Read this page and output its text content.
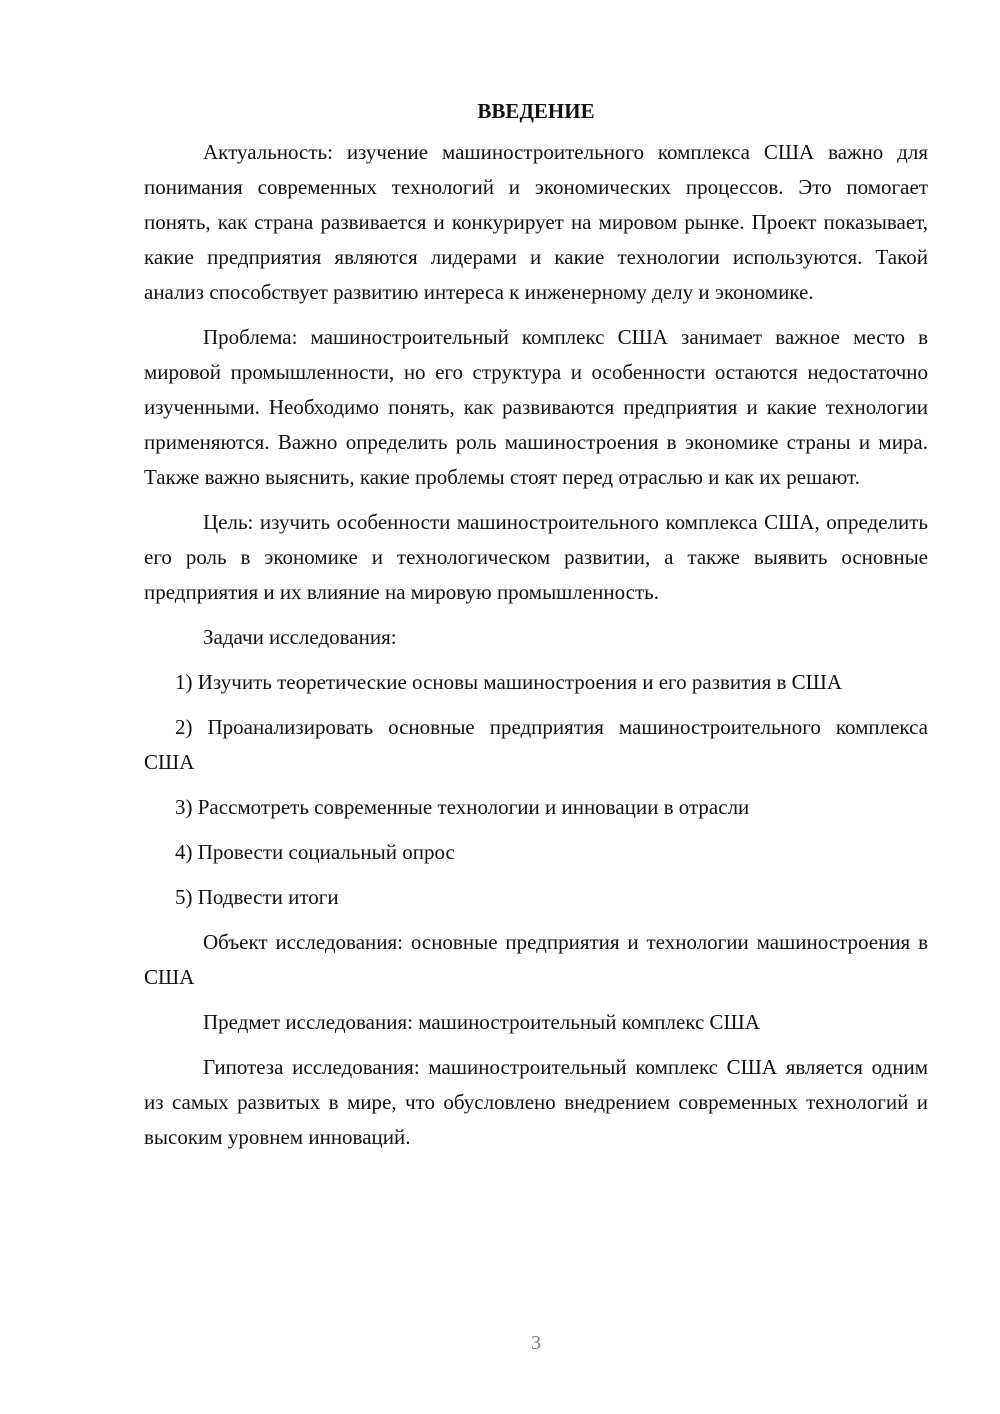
ВВЕДЕНИЕ

Актуальность: изучение машиностроительного комплекса США важно для понимания современных технологий и экономических процессов. Это помогает понять, как страна развивается и конкурирует на мировом рынке. Проект показывает, какие предприятия являются лидерами и какие технологии используются. Такой анализ способствует развитию интереса к инженерному делу и экономике.

Проблема: машиностроительный комплекс США занимает важное место в мировой промышленности, но его структура и особенности остаются недостаточно изученными. Необходимо понять, как развиваются предприятия и какие технологии применяются. Важно определить роль машиностроения в экономике страны и мира. Также важно выяснить, какие проблемы стоят перед отраслью и как их решают.

Цель: изучить особенности машиностроительного комплекса США, определить его роль в экономике и технологическом развитии, а также выявить основные предприятия и их влияние на мировую промышленность.

Задачи исследования:

1) Изучить теоретические основы машиностроения и его развития в США

2) Проанализировать основные предприятия машиностроительного комплекса США

3) Рассмотреть современные технологии и инновации в отрасли

4) Провести социальный опрос

5) Подвести итоги

Объект исследования: основные предприятия и технологии машиностроения в США

Предмет исследования: машиностроительный комплекс США

Гипотеза исследования: машиностроительный комплекс США является одним из самых развитых в мире, что обусловлено внедрением современных технологий и высоким уровнем инноваций.

3
